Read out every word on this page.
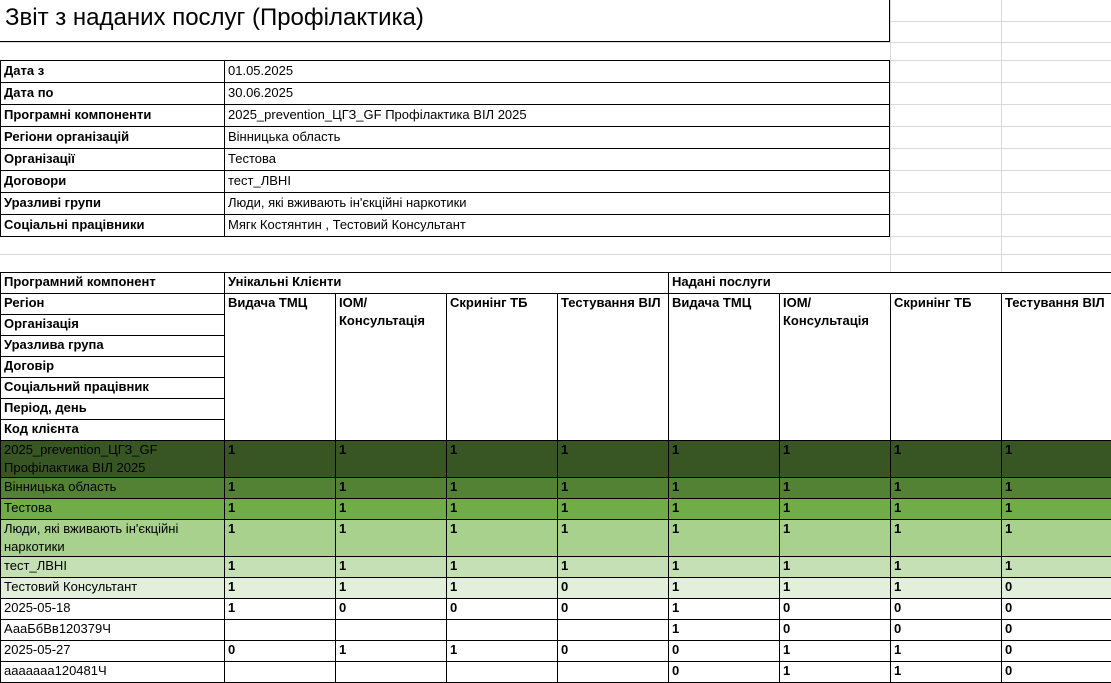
Звіт з наданих послуг (Профілактика)
Дата з	01.05.2025
Дата по	30.06.2025
Програмні компоненти	2025_prevention_ЦГЗ_GF Профілактика ВІЛ 2025
Регіони організацій	Вінницька область
Організації	Тестова
Договори	тест_ЛВНІ
Уразливі групи	Люди, які вживають ін'єкційні наркотики
Соціальні працівники	Мягк Костянтин , Тестовий Консультант
Програмний компонент	Унікальні Клієнти				Надані послуги			
Регіон	Видача ТМЦ	ІОМ/ Консультація	Скринінг ТБ	Тестування ВІЛ	Видача ТМЦ	ІОМ/ Консультація	Скринінг ТБ	Тестування ВІЛ
Організація								
Уразлива група								
Договір								
Соціальний працівник								
Період, день								
Код клієнта								
2025_prevention_ЦГЗ_GF Профілактика ВІЛ 2025	1	1	1	1	1	1	1	1
Вінницька область	1	1	1	1	1	1	1	1
Тестова	1	1	1	1	1	1	1	1
Люди, які вживають ін'єкційні наркотики	1	1	1	1	1	1	1	1
тест_ЛВНІ	1	1	1	1	1	1	1	1
Тестовий Консультант	1	1	1	0	1	1	1	0
2025-05-18	1	0	0	0	1	0	0	0
АааБбВв120379Ч					1	0	0	0
2025-05-27	0	1	1	0	0	1	1	0
ааааааа120481Ч					0	1	1	0
